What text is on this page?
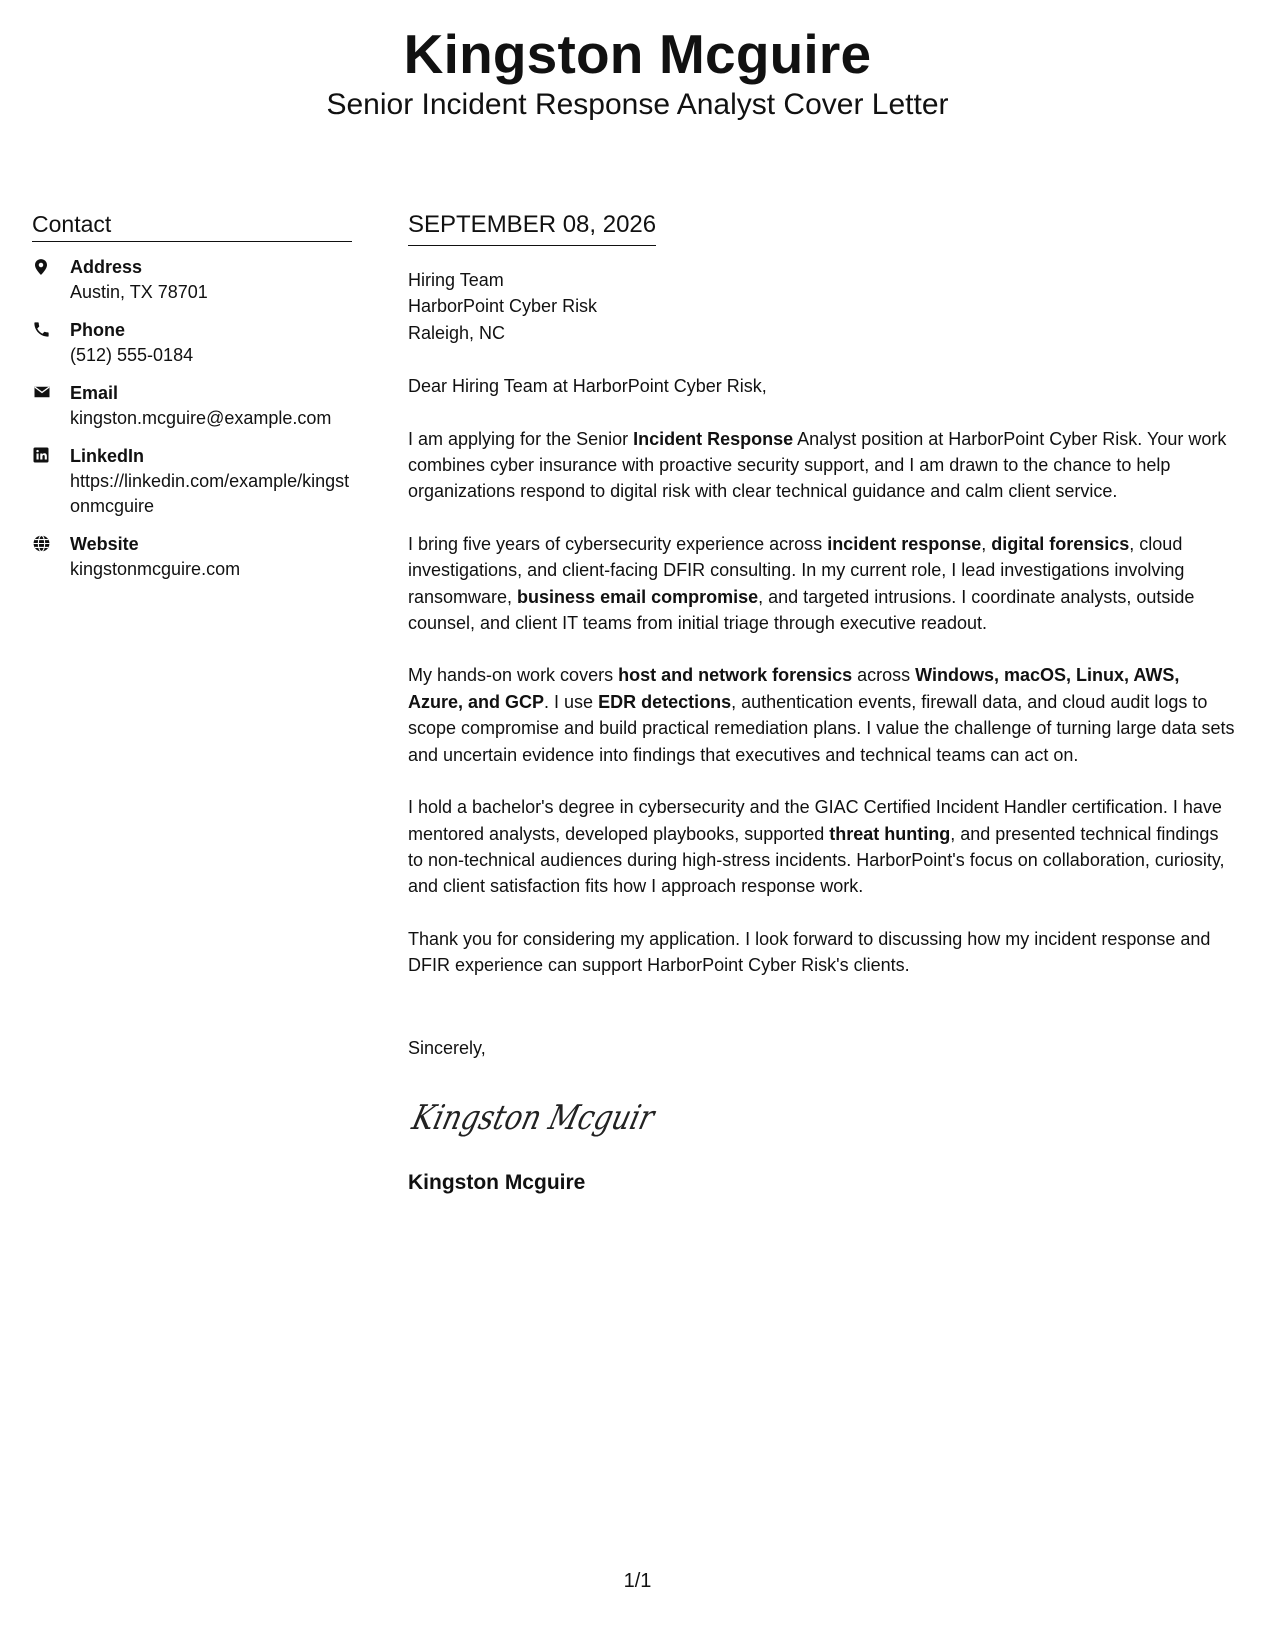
Kingston Mcguire
Senior Incident Response Analyst Cover Letter
Contact
Address
Austin, TX 78701
Phone
(512) 555-0184
Email
kingston.mcguire@example.com
LinkedIn
https://linkedin.com/example/kingstonmcguire
Website
kingstonmcguire.com
SEPTEMBER 08, 2026
Hiring Team
HarborPoint Cyber Risk
Raleigh, NC
Dear Hiring Team at HarborPoint Cyber Risk,

I am applying for the Senior Incident Response Analyst position at HarborPoint Cyber Risk. Your work combines cyber insurance with proactive security support, and I am drawn to the chance to help organizations respond to digital risk with clear technical guidance and calm client service.

I bring five years of cybersecurity experience across incident response, digital forensics, cloud investigations, and client-facing DFIR consulting. In my current role, I lead investigations involving ransomware, business email compromise, and targeted intrusions. I coordinate analysts, outside counsel, and client IT teams from initial triage through executive readout.

My hands-on work covers host and network forensics across Windows, macOS, Linux, AWS, Azure, and GCP. I use EDR detections, authentication events, firewall data, and cloud audit logs to scope compromise and build practical remediation plans. I value the challenge of turning large data sets and uncertain evidence into findings that executives and technical teams can act on.

I hold a bachelor's degree in cybersecurity and the GIAC Certified Incident Handler certification. I have mentored analysts, developed playbooks, supported threat hunting, and presented technical findings to non-technical audiences during high-stress incidents. HarborPoint's focus on collaboration, curiosity, and client satisfaction fits how I approach response work.

Thank you for considering my application. I look forward to discussing how my incident response and DFIR experience can support HarborPoint Cyber Risk's clients.

Sincerely,
Kingston Mcguir
Kingston Mcguire
1/1
